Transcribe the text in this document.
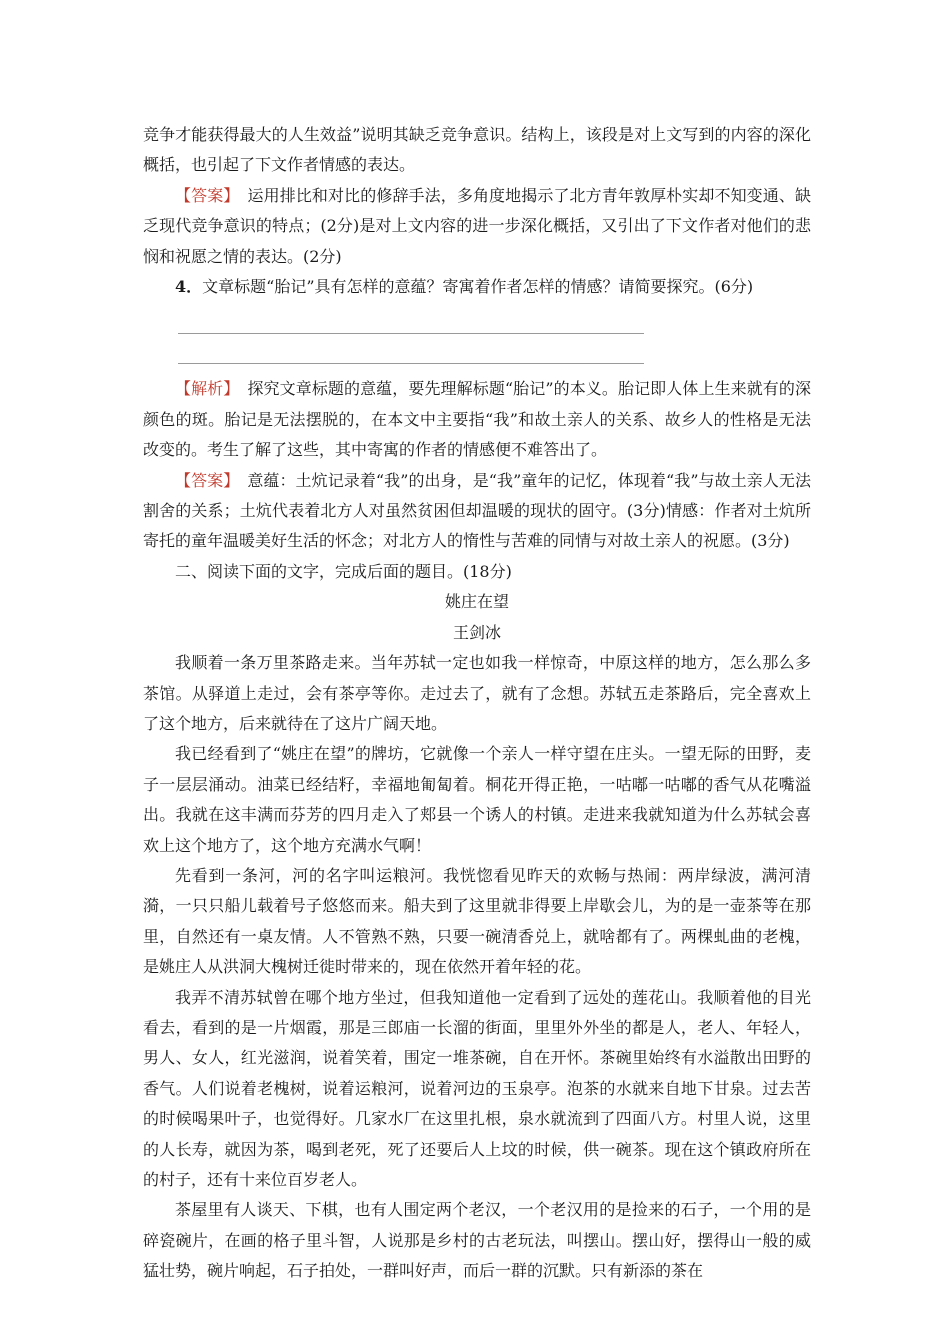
竞争才能获得最大的人生效益”说明其缺乏竞争意识。结构上，该段是对上文写到的内容的深化概括，也引起了下文作者情感的表达。

【答案】　运用排比和对比的修辞手法，多角度地揭示了北方青年敦厚朴实却不知变通、缺乏现代竞争意识的特点；(2分)是对上文内容的进一步深化概括，又引出了下文作者对他们的悲悯和祝愿之情的表达。(2分)

4．文章标题“胎记”具有怎样的意蕴？寄寓着作者怎样的情感？请简要探究。(6分)

【解析】　探究文章标题的意蕴，要先理解标题“胎记”的本义。胎记即人体上生来就有的深颜色的斑。胎记是无法摆脱的，在本文中主要指“我”和故土亲人的关系、故乡人的性格是无法改变的。考生了解了这些，其中寄寓的作者的情感便不难答出了。

【答案】　意蕴：土炕记录着“我”的出身，是“我”童年的记忆，体现着“我”与故土亲人无法割舍的关系；土炕代表着北方人对虽然贫困但却温暖的现状的固守。(3分)情感：作者对土炕所寄托的童年温暖美好生活的怀念；对北方人的惰性与苦难的同情与对故土亲人的祝愿。(3分)

二、阅读下面的文字，完成后面的题目。(18分)

姚庄在望

王剑冰

我顺着一条万里茶路走来。当年苏轼一定也如我一样惊奇，中原这样的地方，怎么那么多茶馆。从驿道上走过，会有茶亭等你。走过去了，就有了念想。苏轼五走茶路后，完全喜欢上了这个地方，后来就待在了这片广阔天地。

我已经看到了“姚庄在望”的牌坊，它就像一个亲人一样守望在庄头。一望无际的田野，麦子一层层涌动。油菜已经结籽，幸福地匍匐着。桐花开得正艳，一咕嘟一咕嘟的香气从花嘴溢出。我就在这丰满而芬芳的四月走入了郏县一个诱人的村镇。走进来我就知道为什么苏轼会喜欢上这个地方了，这个地方充满水气啊！

先看到一条河，河的名字叫运粮河。我恍惚看见昨天的欢畅与热闹：两岸绿波，满河清漪，一只只船儿载着号子悠悠而来。船夫到了这里就非得要上岸歇会儿，为的是一壶茶等在那里，自然还有一桌友情。人不管熟不熟，只要一碗清香兑上，就啥都有了。两棵虬曲的老槐，是姚庄人从洪洞大槐树迁徙时带来的，现在依然开着年轻的花。

我弄不清苏轼曾在哪个地方坐过，但我知道他一定看到了远处的莲花山。我顺着他的目光看去，看到的是一片烟霞，那是三郎庙一长溜的街面，里里外外坐的都是人，老人、年轻人，男人、女人，红光滋润，说着笑着，围定一堆茶碗，自在开怀。茶碗里始终有水溢散出田野的香气。人们说着老槐树，说着运粮河，说着河边的玉泉亭。泡茶的水就来自地下甘泉。过去苦的时候喝果叶子，也觉得好。几家水厂在这里扎根，泉水就流到了四面八方。村里人说，这里的人长寿，就因为茶，喝到老死，死了还要后人上坟的时候，供一碗茶。现在这个镇政府所在的村子，还有十来位百岁老人。

茶屋里有人谈天、下棋，也有人围定两个老汉，一个老汉用的是捡来的石子，一个用的是碎瓷碗片，在画的格子里斗智，人说那是乡村的古老玩法，叫摆山。摆山好，摆得山一般的威猛壮势，碗片响起，石子拍处，一群叫好声，而后一群的沉默。只有新添的茶在
